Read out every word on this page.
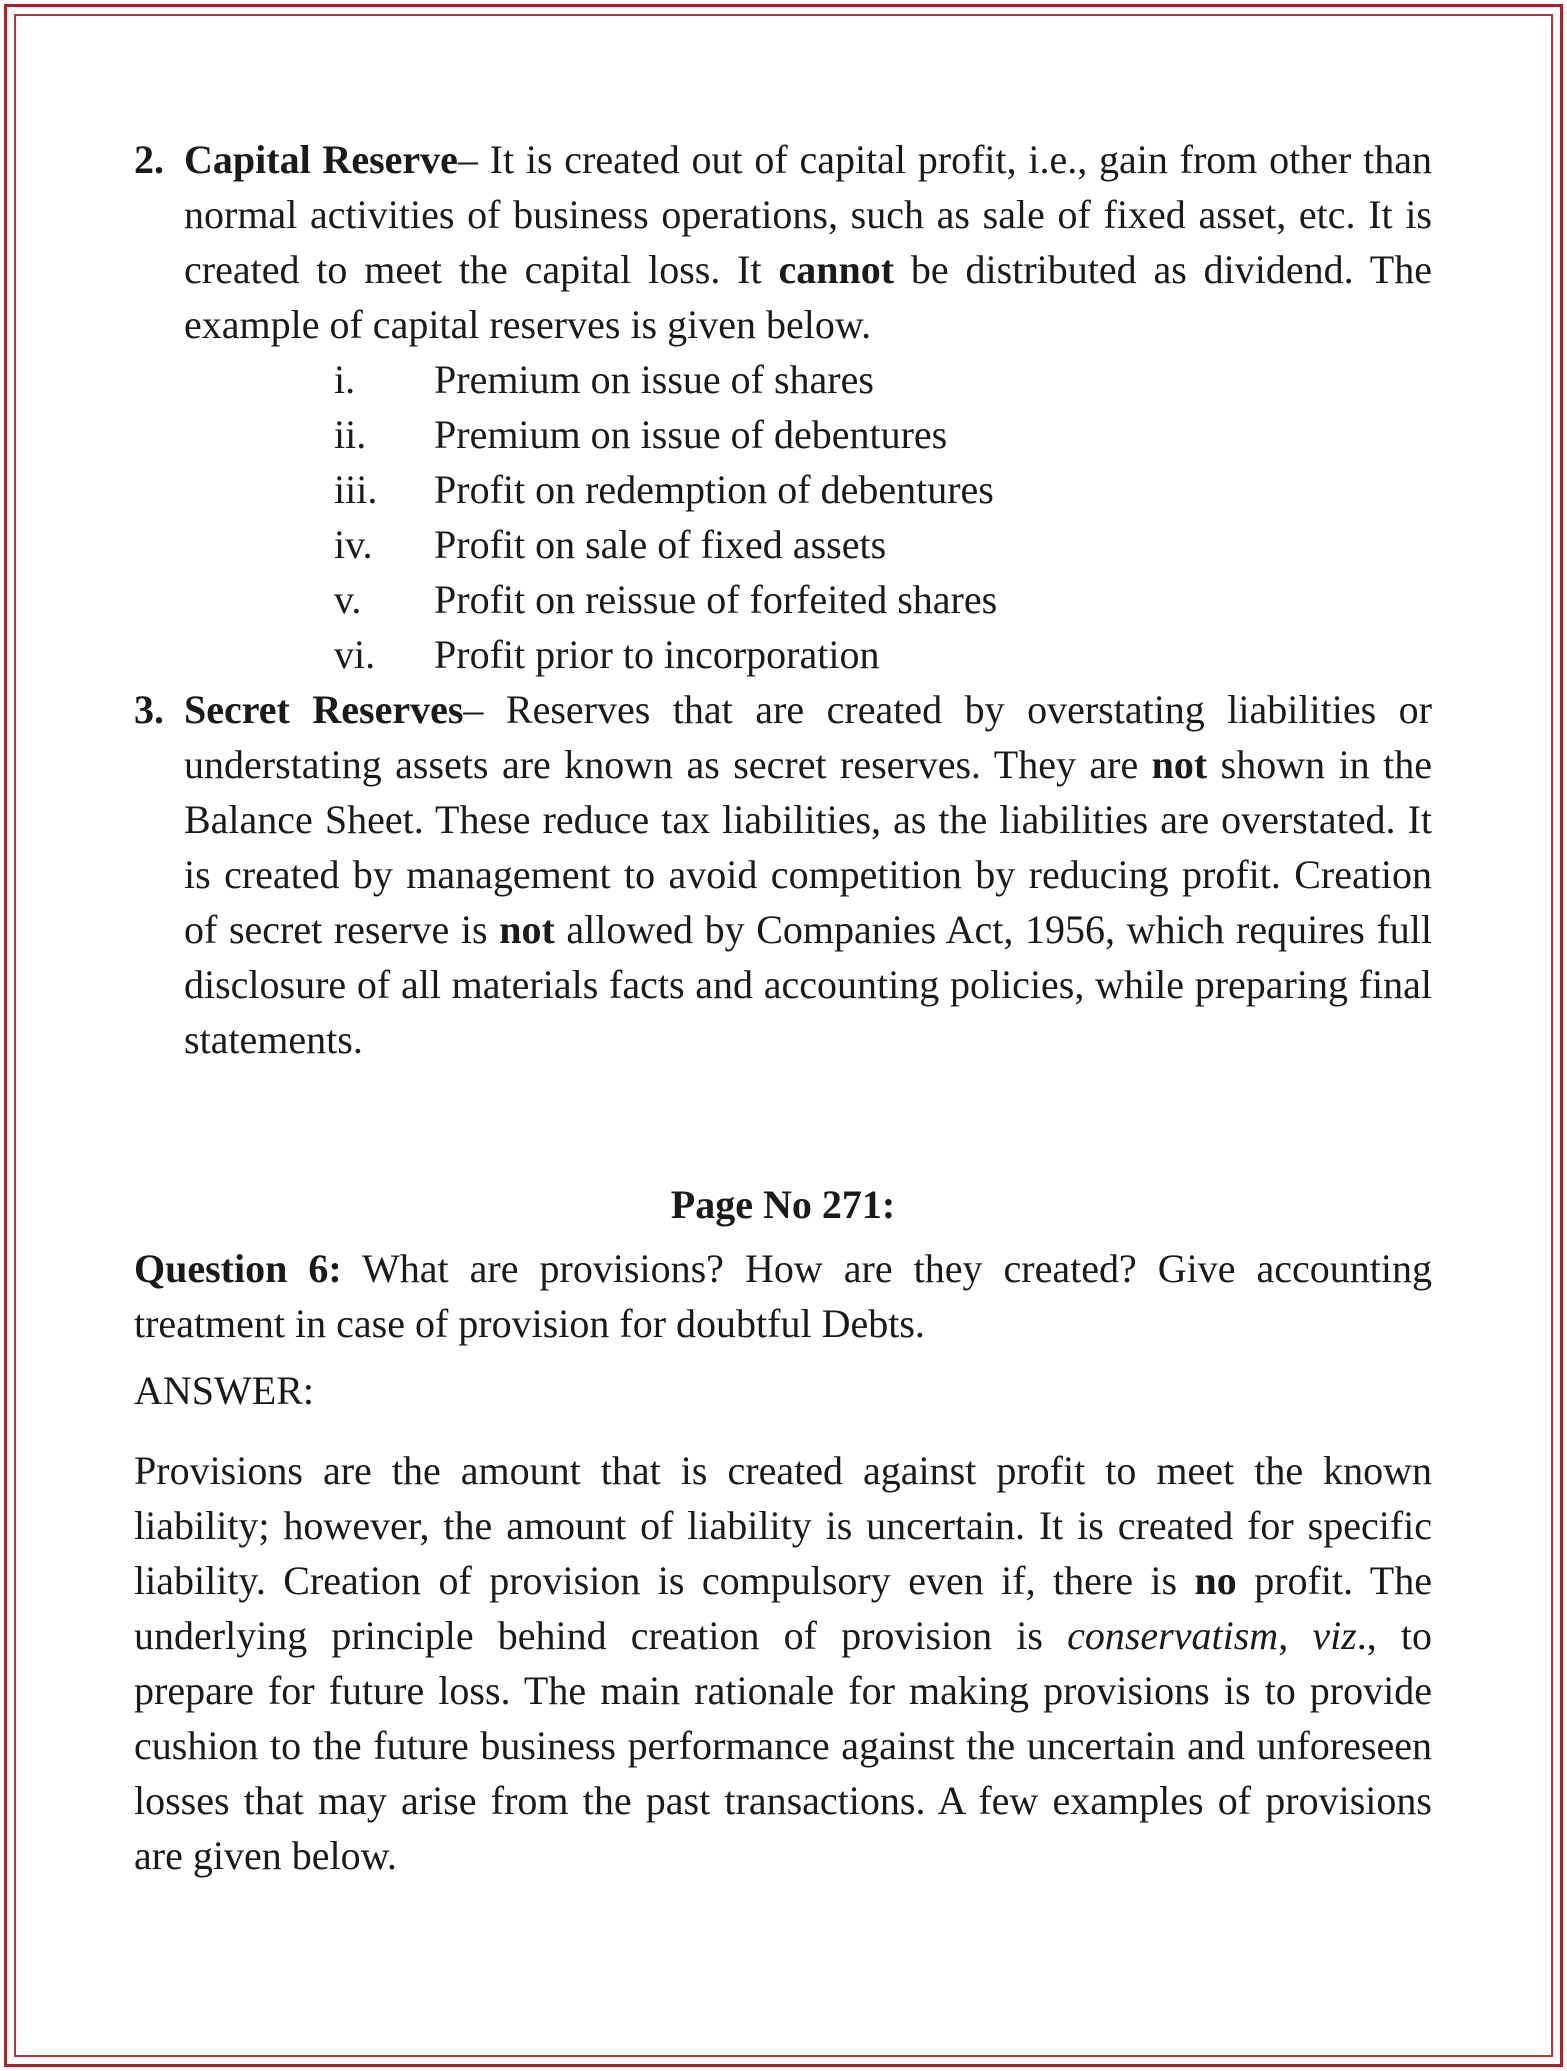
2. Capital Reserve– It is created out of capital profit, i.e., gain from other than normal activities of business operations, such as sale of fixed asset, etc. It is created to meet the capital loss. It cannot be distributed as dividend. The example of capital reserves is given below.

i. Premium on issue of shares
ii. Premium on issue of debentures
iii. Profit on redemption of debentures
iv. Profit on sale of fixed assets
v. Profit on reissue of forfeited shares
vi. Profit prior to incorporation
3. Secret Reserves– Reserves that are created by overstating liabilities or understating assets are known as secret reserves. They are not shown in the Balance Sheet. These reduce tax liabilities, as the liabilities are overstated. It is created by management to avoid competition by reducing profit. Creation of secret reserve is not allowed by Companies Act, 1956, which requires full disclosure of all materials facts and accounting policies, while preparing final statements.

Page No 271:

Question 6: What are provisions? How are they created? Give accounting treatment in case of provision for doubtful Debts.

ANSWER:

Provisions are the amount that is created against profit to meet the known liability; however, the amount of liability is uncertain. It is created for specific liability. Creation of provision is compulsory even if, there is no profit. The underlying principle behind creation of provision is conservatism, viz., to prepare for future loss. The main rationale for making provisions is to provide cushion to the future business performance against the uncertain and unforeseen losses that may arise from the past transactions. A few examples of provisions are given below.
